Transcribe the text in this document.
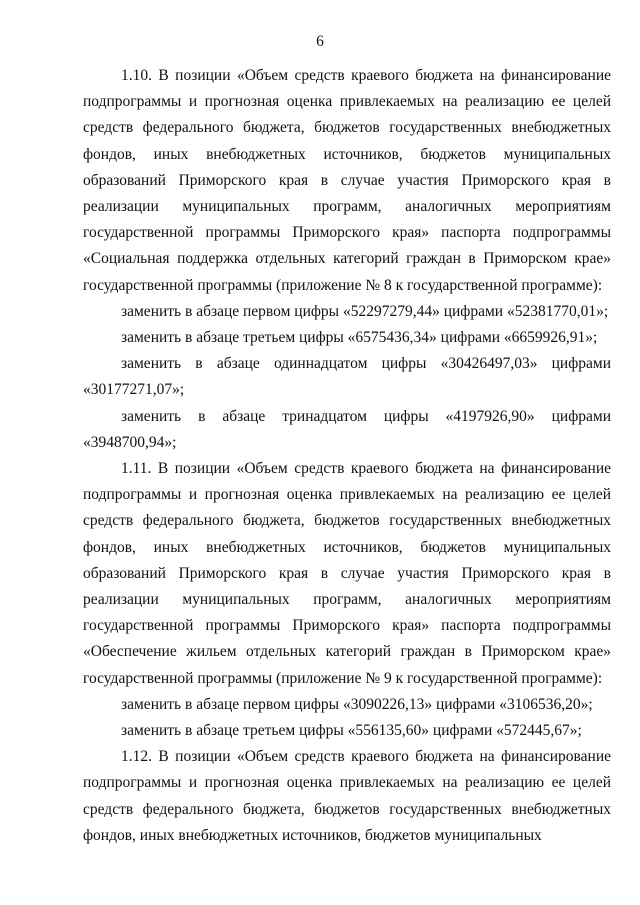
6

1.10. В позиции «Объем средств краевого бюджета на финансирование подпрограммы и прогнозная оценка привлекаемых на реализацию ее целей средств федерального бюджета, бюджетов государственных внебюджетных фондов, иных внебюджетных источников, бюджетов муниципальных образований Приморского края в случае участия Приморского края в реализации муниципальных программ, аналогичных мероприятиям государственной программы Приморского края» паспорта подпрограммы «Социальная поддержка отдельных категорий граждан в Приморском крае» государственной программы (приложение № 8 к государственной программе):

заменить в абзаце первом цифры «52297279,44» цифрами «52381770,01»;

заменить в абзаце третьем цифры «6575436,34» цифрами «6659926,91»;

заменить в абзаце одиннадцатом цифры «30426497,03» цифрами «30177271,07»;

заменить в абзаце тринадцатом цифры «4197926,90» цифрами «3948700,94»;

1.11. В позиции «Объем средств краевого бюджета на финансирование подпрограммы и прогнозная оценка привлекаемых на реализацию ее целей средств федерального бюджета, бюджетов государственных внебюджетных фондов, иных внебюджетных источников, бюджетов муниципальных образований Приморского края в случае участия Приморского края в реализации муниципальных программ, аналогичных мероприятиям государственной программы Приморского края» паспорта подпрограммы «Обеспечение жильем отдельных категорий граждан в Приморском крае» государственной программы (приложение № 9 к государственной программе):

заменить в абзаце первом цифры «3090226,13» цифрами «3106536,20»;

заменить в абзаце третьем цифры «556135,60» цифрами «572445,67»;

1.12. В позиции «Объем средств краевого бюджета на финансирование подпрограммы и прогнозная оценка привлекаемых на реализацию ее целей средств федерального бюджета, бюджетов государственных внебюджетных фондов, иных внебюджетных источников, бюджетов муниципальных
